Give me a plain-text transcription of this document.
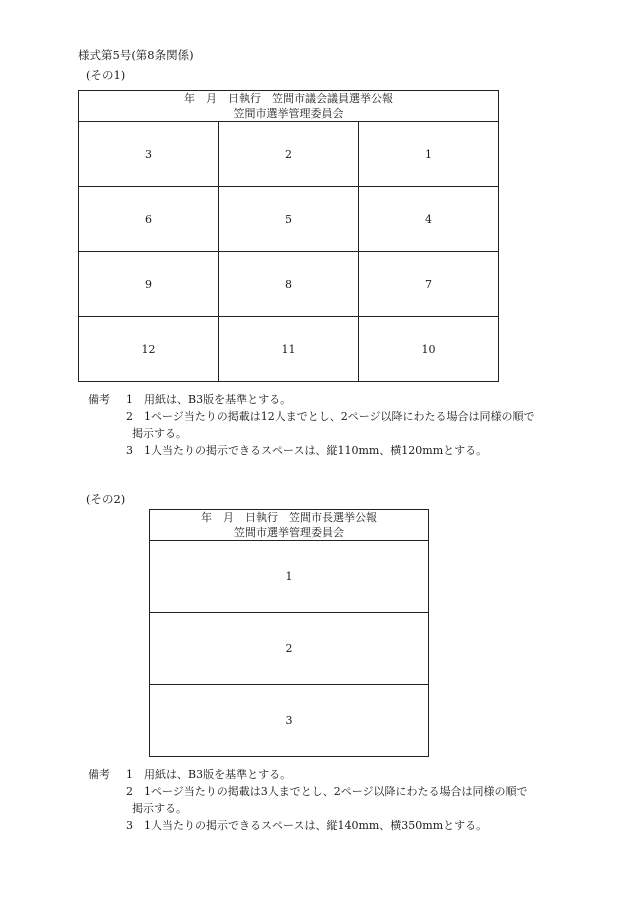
様式第5号(第8条関係)
(その1)
年　月　日執行　笠間市議会議員選挙公報
笠間市選挙管理委員会		

3	2	1
6	5	4
9	8	7
12	11	10
備考	1	用紙は、B3版を基準とする。
2	1ページ当たりの掲載は12人までとし、2ページ以降にわたる場合は同様の順で
掲示する。
3	1人当たりの掲示できるスペースは、縦110mm、横120mmとする。
(その2)
年　月　日執行　笠間市長選挙公報
笠間市選挙管理委員会

1
2
3
備考	1	用紙は、B3版を基準とする。
2	1ページ当たりの掲載は3人までとし、2ページ以降にわたる場合は同様の順で
掲示する。
3	1人当たりの掲示できるスペースは、縦140mm、横350mmとする。
